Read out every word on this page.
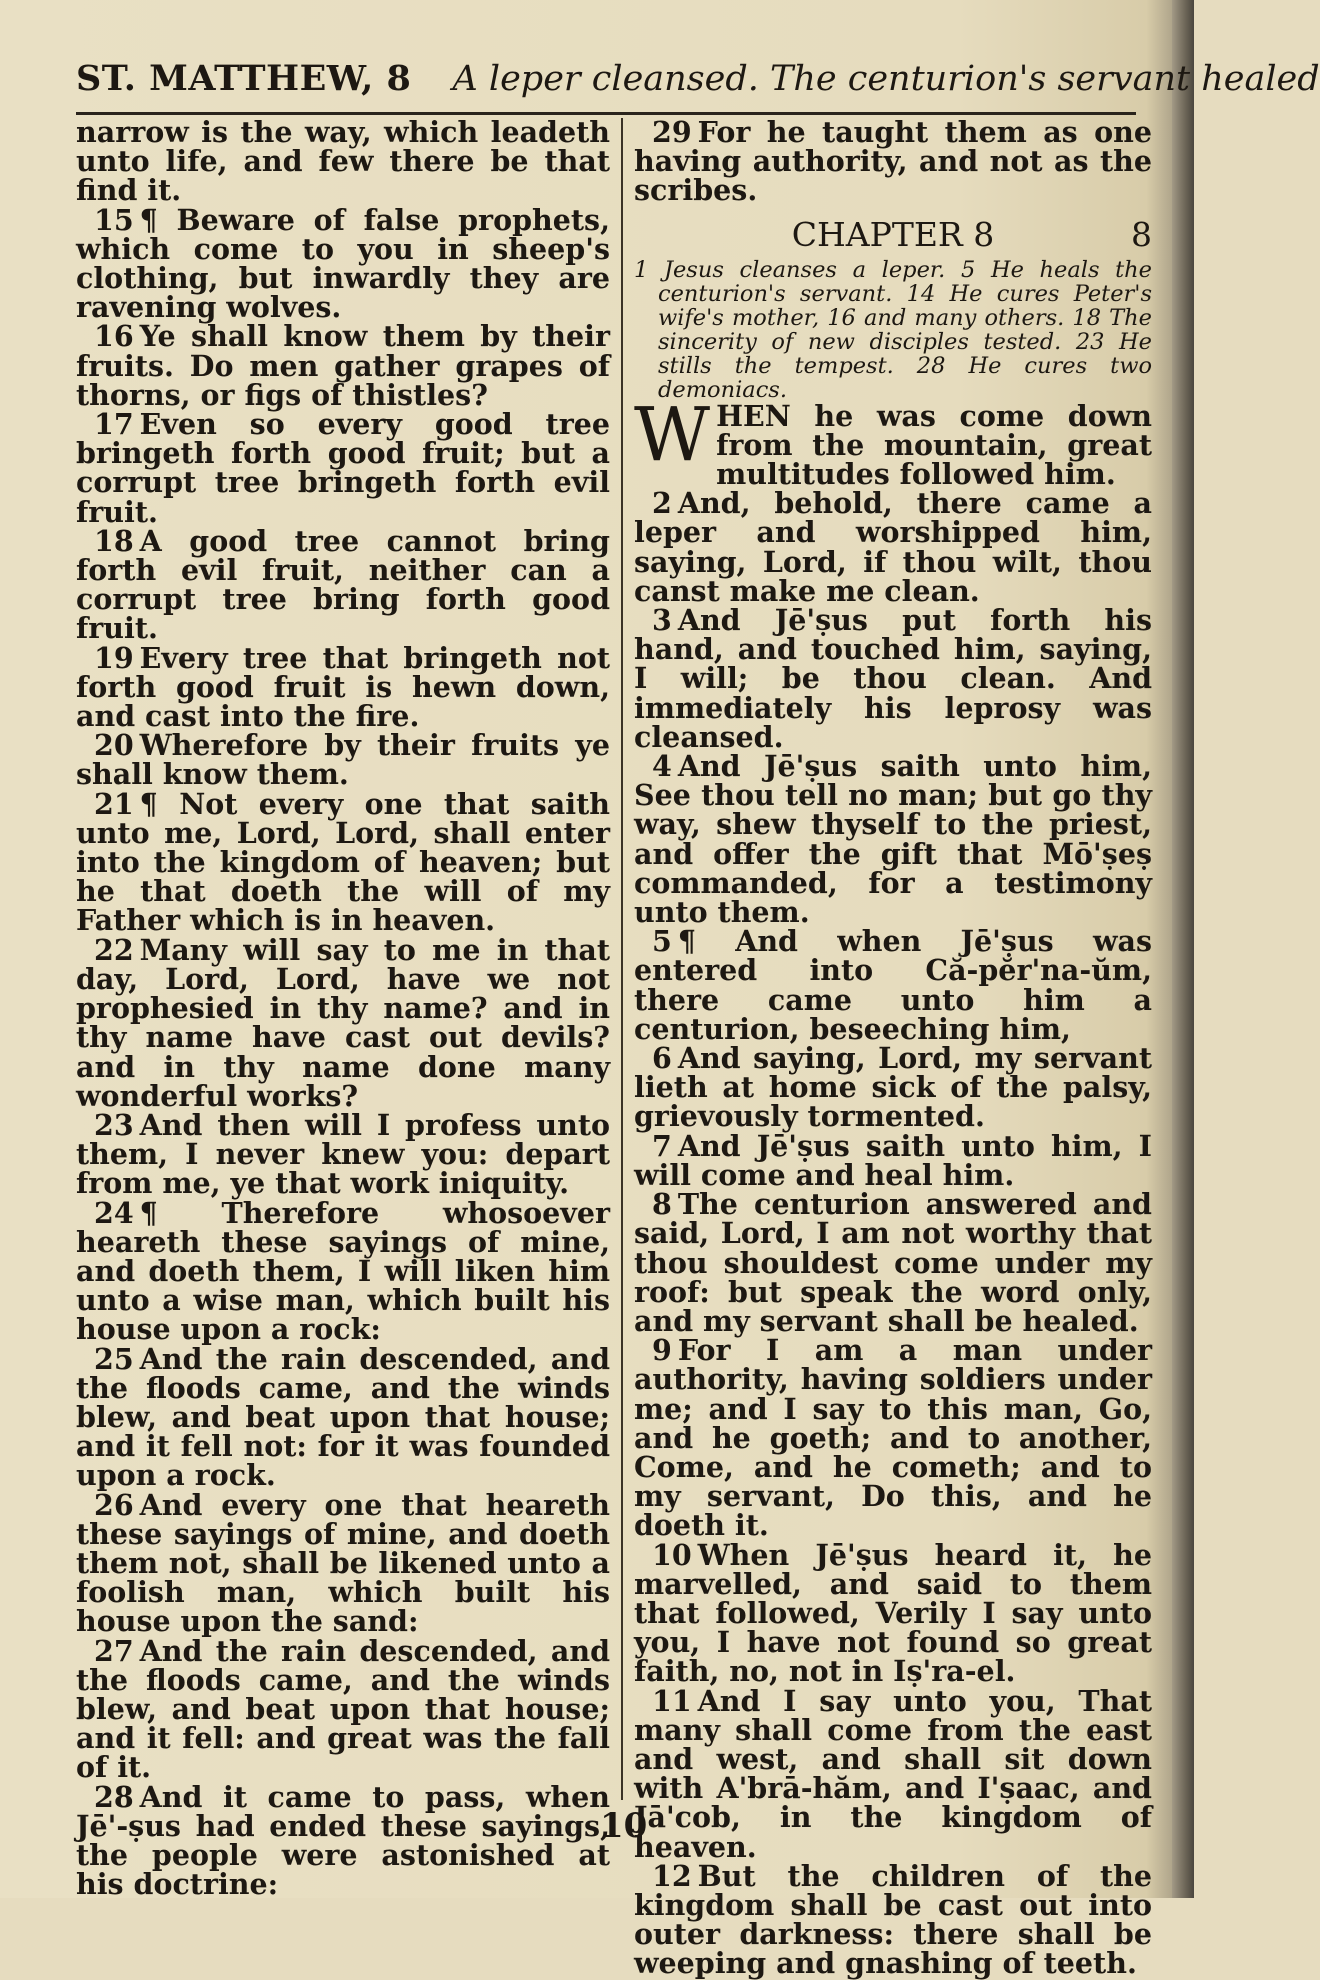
ST. MATTHEW, 8 A leper cleansed. The centurion's servant healed

narrow is the way, which leadeth unto life, and few there be that find it.

15 ¶ Beware of false prophets, which come to you in sheep's clothing, but inwardly they are ravening wolves.

16 Ye shall know them by their fruits. Do men gather grapes of thorns, or figs of thistles?

17 Even so every good tree bringeth forth good fruit; but a corrupt tree bringeth forth evil fruit.

18 A good tree cannot bring forth evil fruit, neither can a corrupt tree bring forth good fruit.

19 Every tree that bringeth not forth good fruit is hewn down, and cast into the fire.

20 Wherefore by their fruits ye shall know them.

21 ¶ Not every one that saith unto me, Lord, Lord, shall enter into the kingdom of heaven; but he that doeth the will of my Father which is in heaven.

22 Many will say to me in that day, Lord, Lord, have we not prophesied in thy name? and in thy name have cast out devils? and in thy name done many wonderful works?

23 And then will I profess unto them, I never knew you: depart from me, ye that work iniquity.

24 ¶ Therefore whosoever heareth these sayings of mine, and doeth them, I will liken him unto a wise man, which built his house upon a rock:

25 And the rain descended, and the floods came, and the winds blew, and beat upon that house; and it fell not: for it was founded upon a rock.

26 And every one that heareth these sayings of mine, and doeth them not, shall be likened unto a foolish man, which built his house upon the sand:

27 And the rain descended, and the floods came, and the winds blew, and beat upon that house; and it fell: and great was the fall of it.

28 And it came to pass, when Jē'-ṣus had ended these sayings, the people were astonished at his doctrine:

29 For he taught them as one having authority, and not as the scribes.

CHAPTER 8	8

1 Jesus cleanses a leper. 5 He heals the centurion's servant. 14 He cures Peter's wife's mother, 16 and many others. 18 The sincerity of new disciples tested. 23 He stills the tempest. 28 He cures two demoniacs.

WHEN he was come down from the mountain, great multitudes followed him.

2 And, behold, there came a leper and worshipped him, saying, Lord, if thou wilt, thou canst make me clean.

3 And Jē'ṣus put forth his hand, and touched him, saying, I will; be thou clean. And immediately his leprosy was cleansed.

4 And Jē'ṣus saith unto him, See thou tell no man; but go thy way, shew thyself to the priest, and offer the gift that Mō'ṣeṣ commanded, for a testimony unto them.

5 ¶ And when Jē'ṣus was entered into Că-pĕr'na-ŭm, there came unto him a centurion, beseeching him,

6 And saying, Lord, my servant lieth at home sick of the palsy, grievously tormented.

7 And Jē'ṣus saith unto him, I will come and heal him.

8 The centurion answered and said, Lord, I am not worthy that thou shouldest come under my roof: but speak the word only, and my servant shall be healed.

9 For I am a man under authority, having soldiers under me; and I say to this man, Go, and he goeth; and to another, Come, and he cometh; and to my servant, Do this, and he doeth it.

10 When Jē'ṣus heard it, he marvelled, and said to them that followed, Verily I say unto you, I have not found so great faith, no, not in Iṣ'ra-el.

11 And I say unto you, That many shall come from the east and west, and shall sit down with A'brā-hăm, and I'ṣaac, and Jā'cob, in the kingdom of heaven.

12 But the children of the kingdom shall be cast out into outer darkness: there shall be weeping and gnashing of teeth.

10
